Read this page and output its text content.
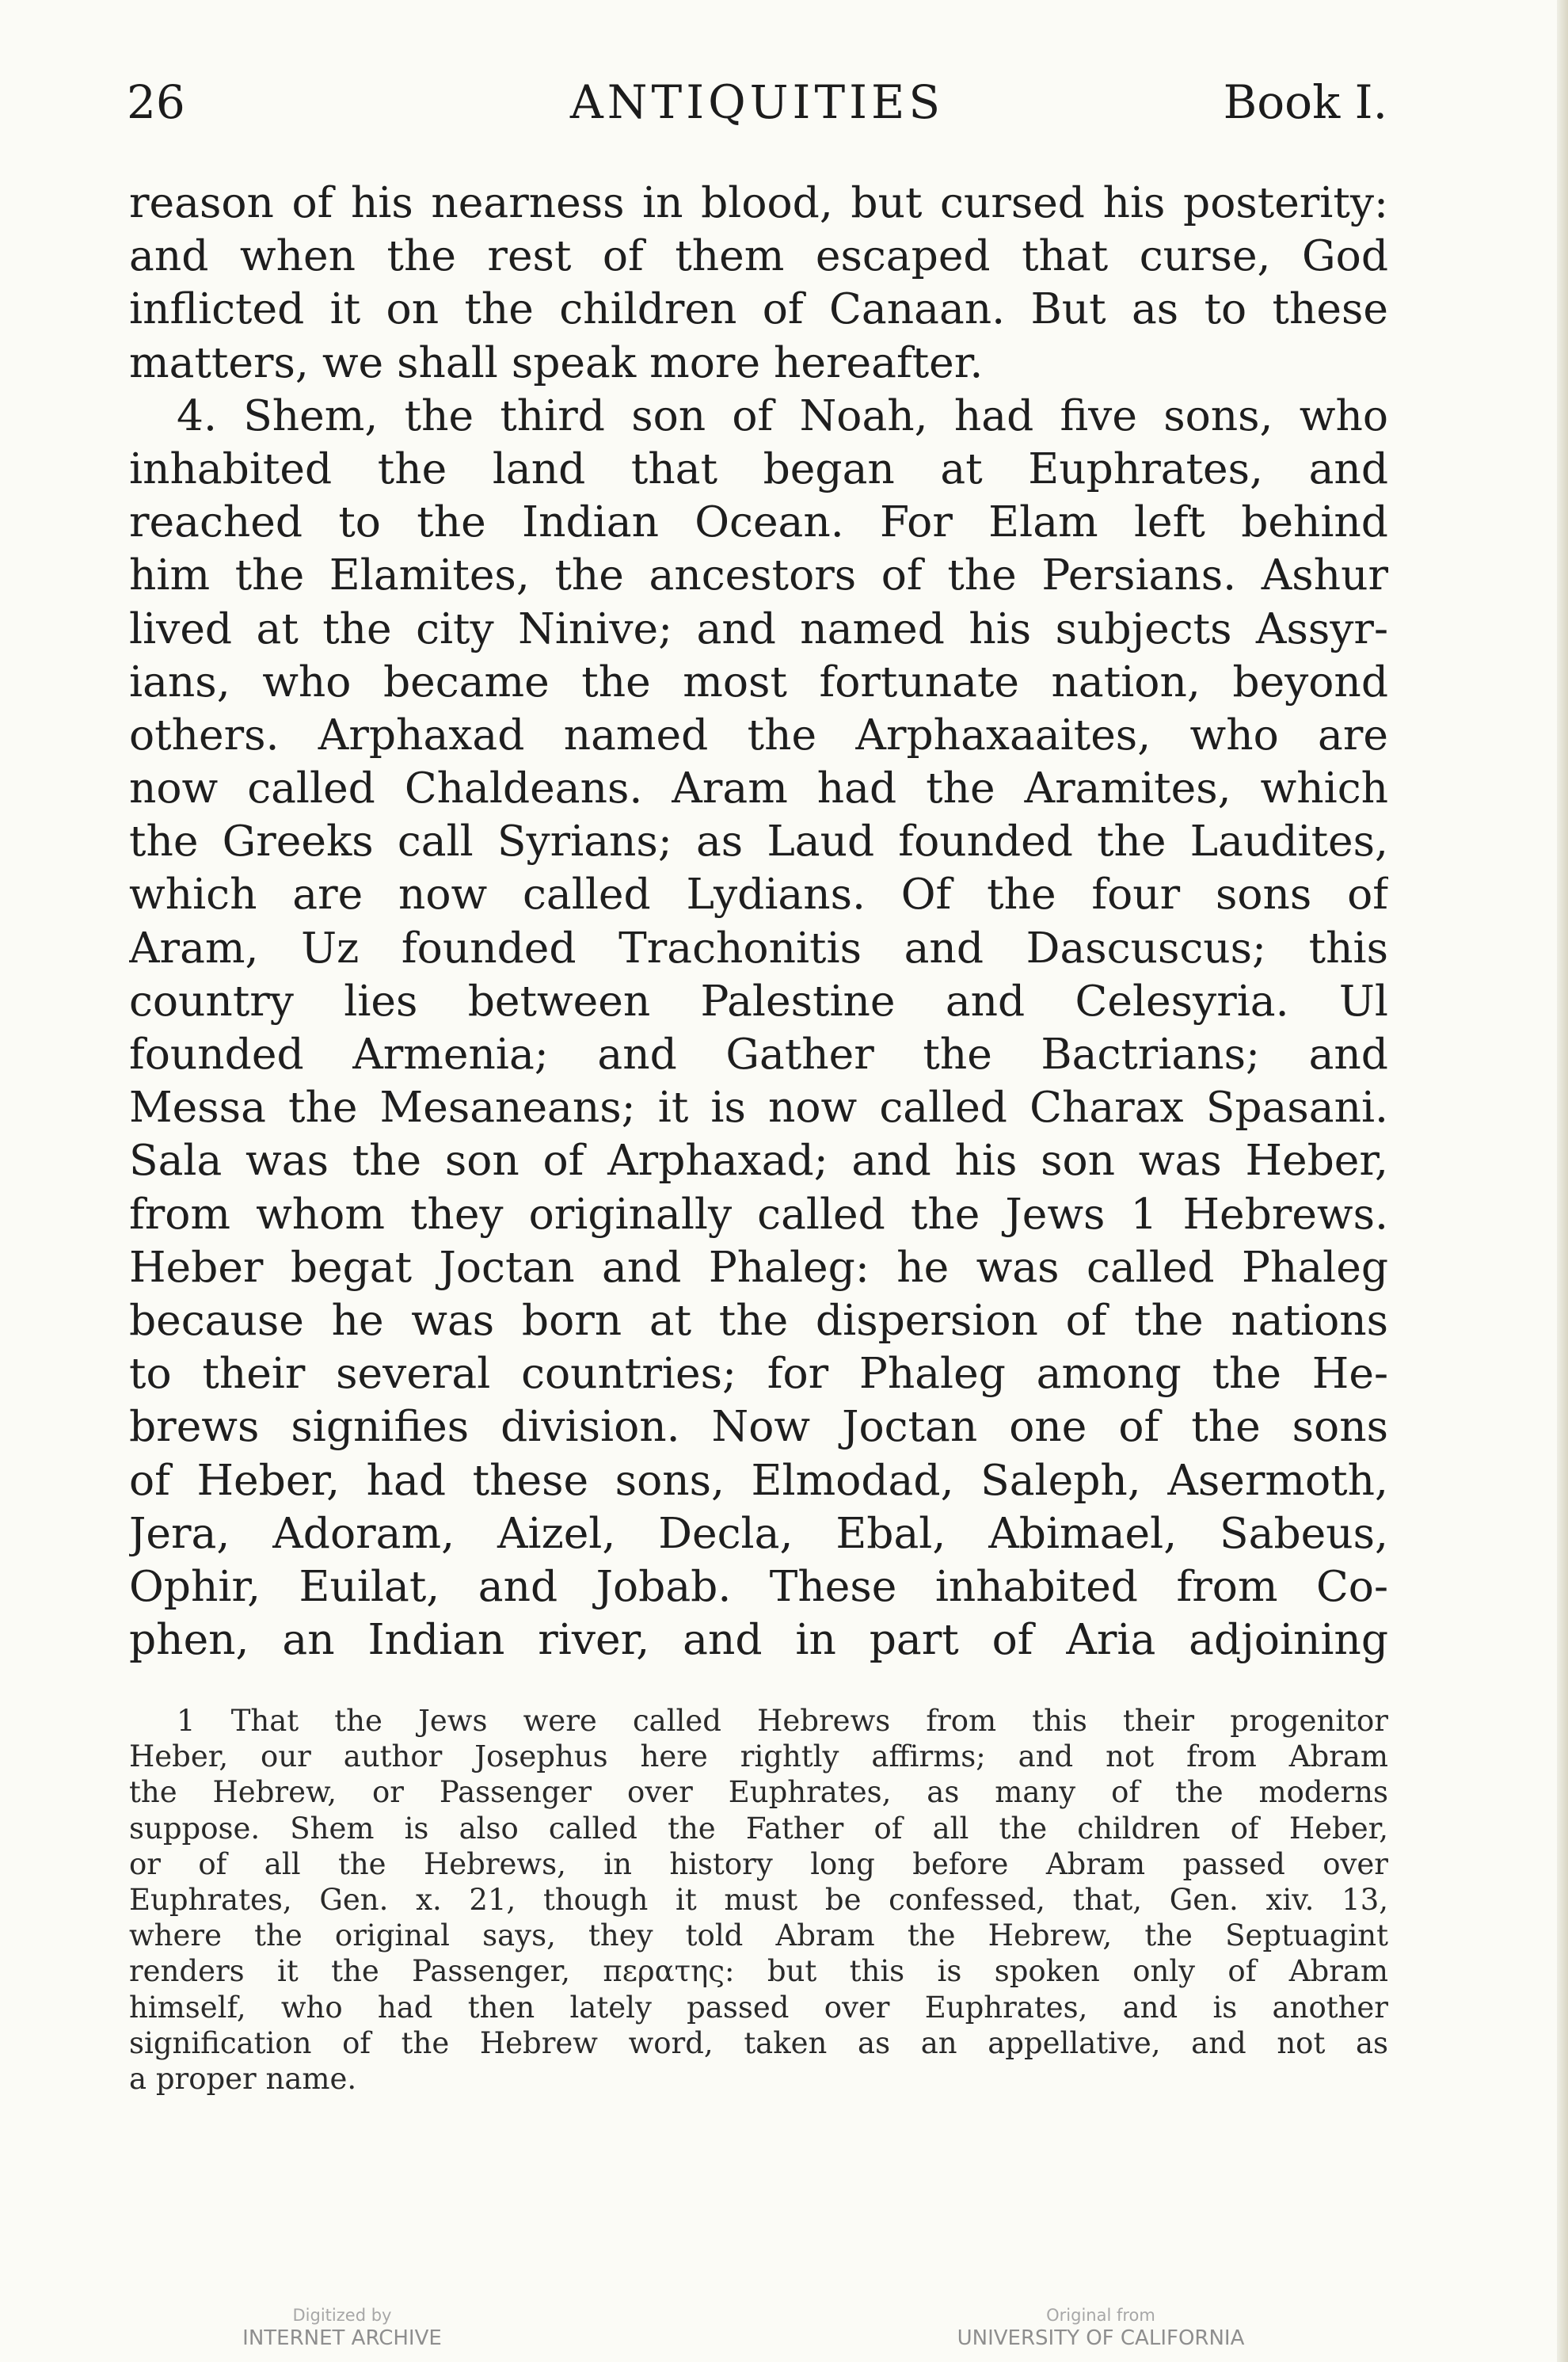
26	ANTIQUITIES	Book I.
reason of his nearness in blood, but cursed his posterity:
and when the rest of them escaped that curse, God
inflicted it on the children of Canaan. But as to these
matters, we shall speak more hereafter.
4. Shem, the third son of Noah, had five sons, who
inhabited the land that began at Euphrates, and
reached to the Indian Ocean. For Elam left behind
him the Elamites, the ancestors of the Persians. Ashur
lived at the city Ninive; and named his subjects Assyr-
ians, who became the most fortunate nation, beyond
others. Arphaxad named the Arphaxaaites, who are
now called Chaldeans. Aram had the Aramites, which
the Greeks call Syrians; as Laud founded the Laudites,
which are now called Lydians. Of the four sons of
Aram, Uz founded Trachonitis and Dascuscus; this
country lies between Palestine and Celesyria. Ul
founded Armenia; and Gather the Bactrians; and
Messa the Mesaneans; it is now called Charax Spasani.
Sala was the son of Arphaxad; and his son was Heber,
from whom they originally called the Jews 1 Hebrews.
Heber begat Joctan and Phaleg: he was called Phaleg
because he was born at the dispersion of the nations
to their several countries; for Phaleg among the He-
brews signifies division. Now Joctan one of the sons
of Heber, had these sons, Elmodad, Saleph, Asermoth,
Jera, Adoram, Aizel, Decla, Ebal, Abimael, Sabeus,
Ophir, Euilat, and Jobab. These inhabited from Co-
phen, an Indian river, and in part of Aria adjoining
1 That the Jews were called Hebrews from this their progenitor
Heber, our author Josephus here rightly affirms; and not from Abram
the Hebrew, or Passenger over Euphrates, as many of the moderns
suppose. Shem is also called the Father of all the children of Heber,
or of all the Hebrews, in history long before Abram passed over
Euphrates, Gen. x. 21, though it must be confessed, that, Gen. xiv. 13,
where the original says, they told Abram the Hebrew, the Septuagint
renders it the Passenger, περατης: but this is spoken only of Abram
himself, who had then lately passed over Euphrates, and is another
signification of the Hebrew word, taken as an appellative, and not as
a proper name.
Digitized by
INTERNET ARCHIVE
Original from
UNIVERSITY OF CALIFORNIA
